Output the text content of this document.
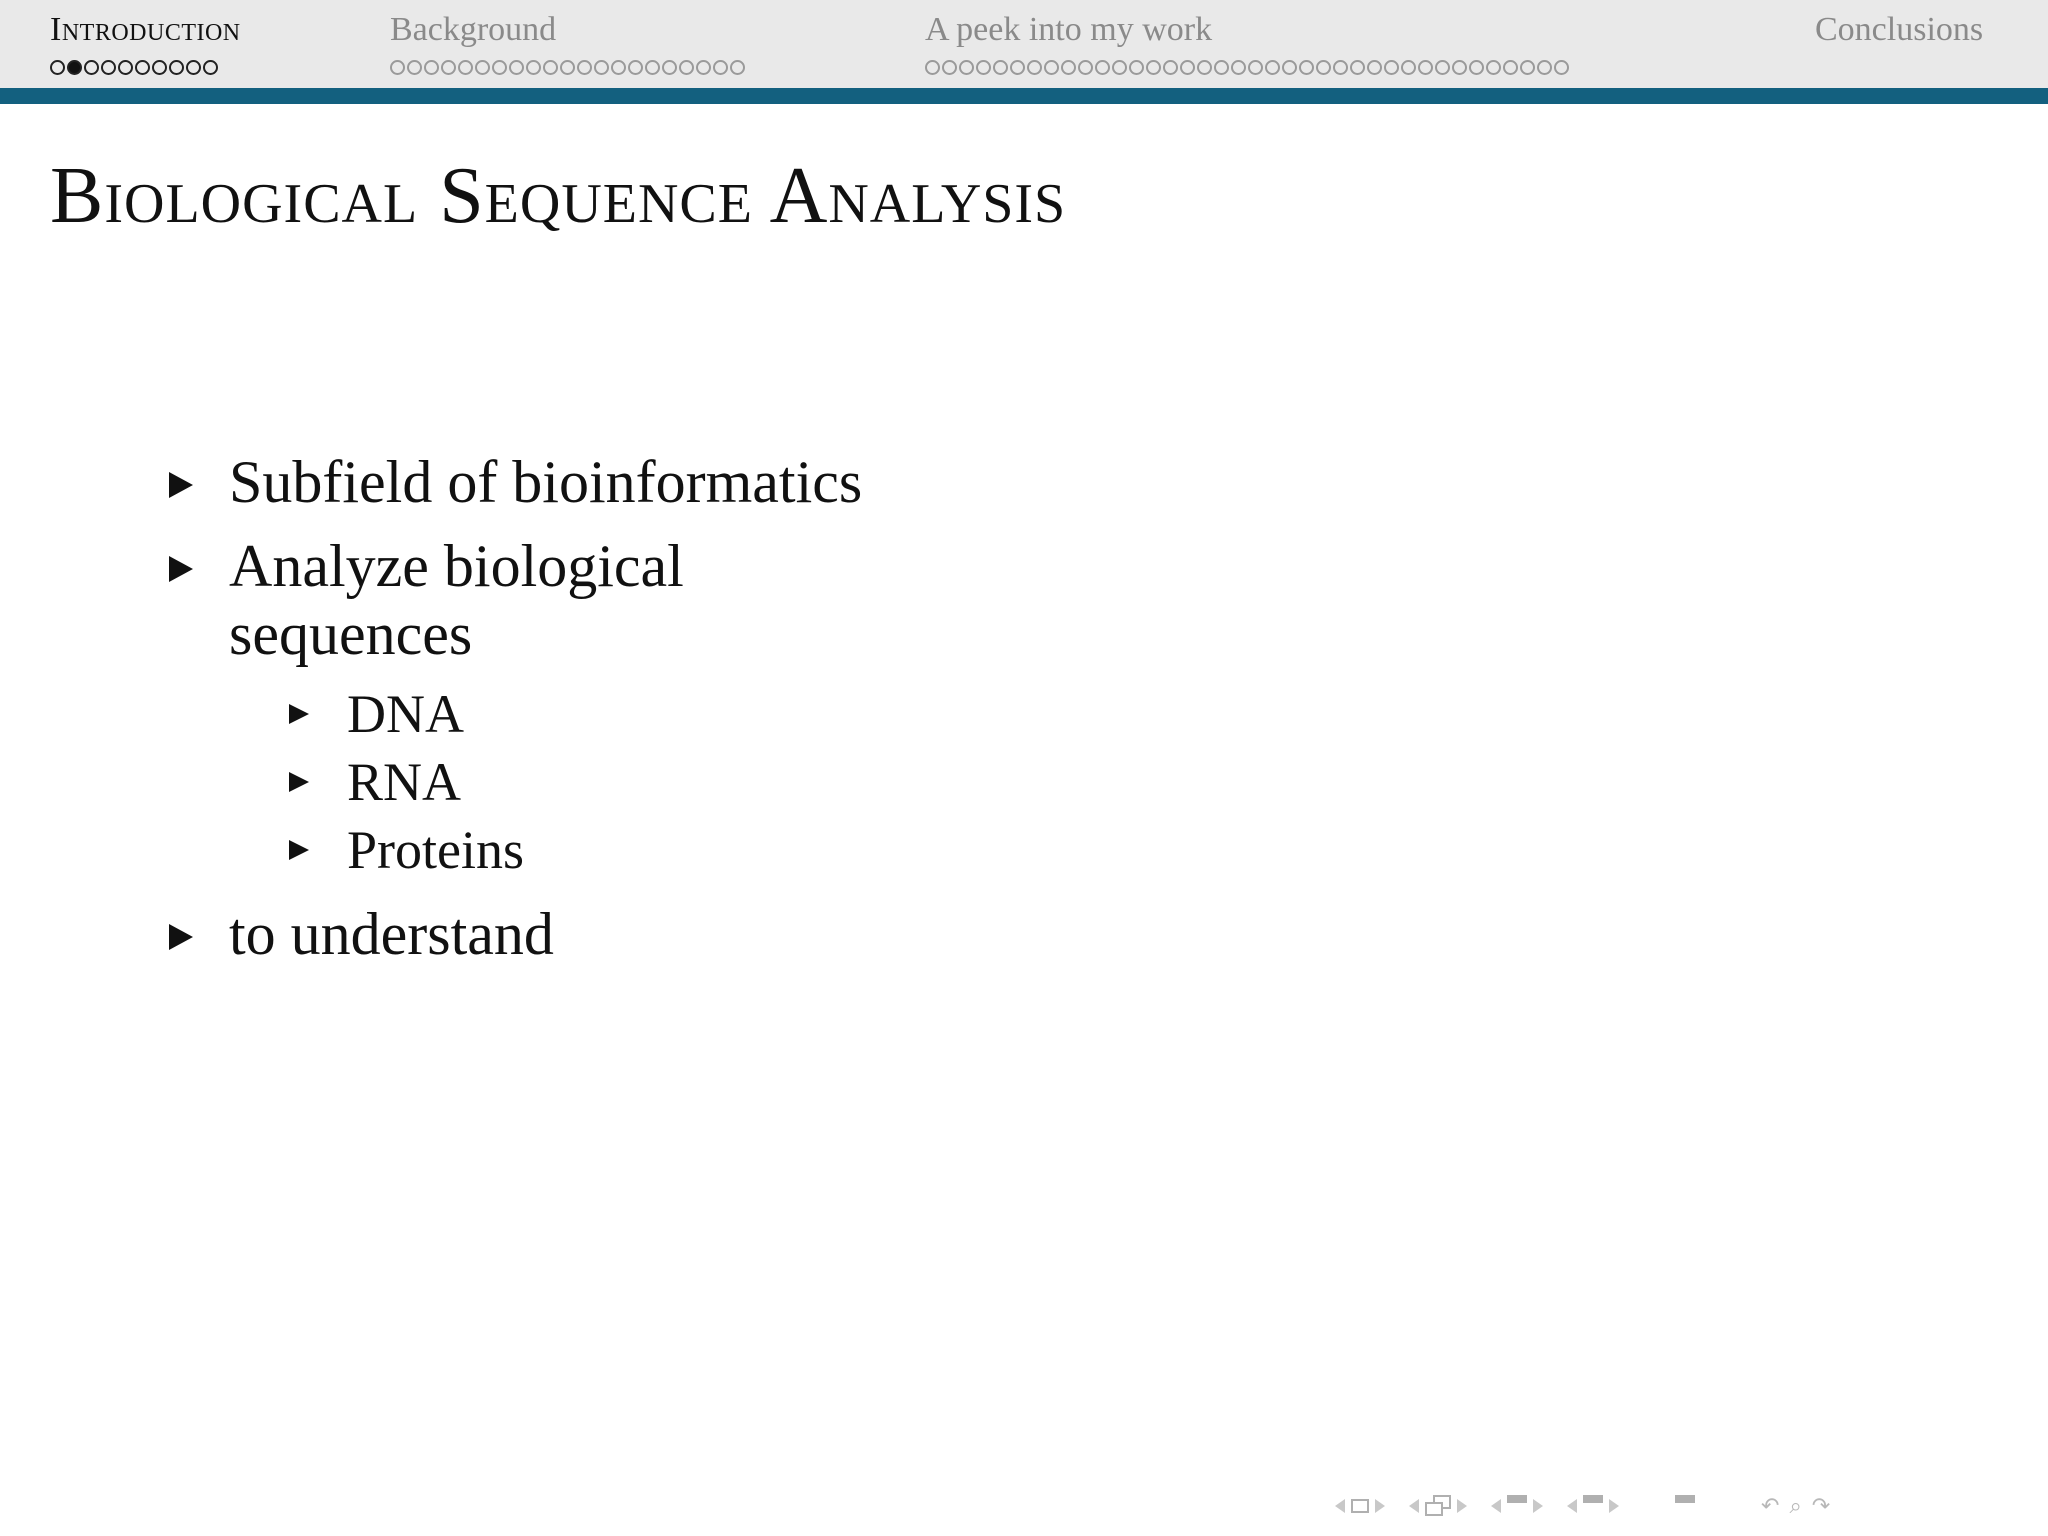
Introduction	Background	A peek into my work	Conclusions
Biological Sequence Analysis
Subfield of bioinformatics
Analyze biological sequences
DNA
RNA
Proteins
to understand
↶ ⌕ ↷
